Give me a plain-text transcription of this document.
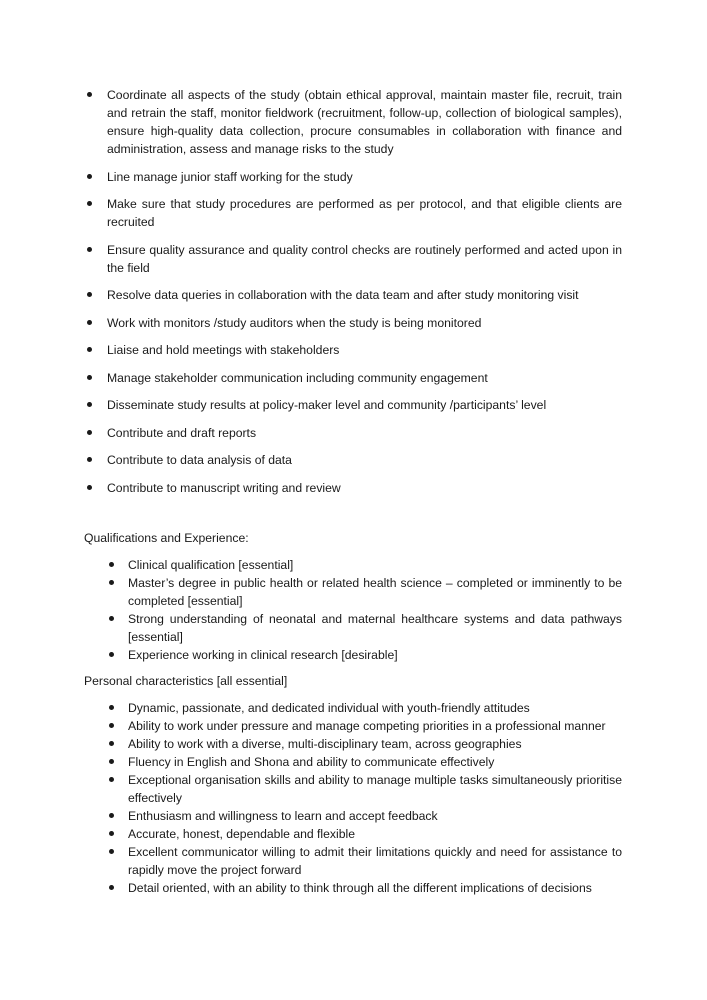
Coordinate all aspects of the study (obtain ethical approval, maintain master file, recruit, train and retrain the staff, monitor fieldwork (recruitment, follow-up, collection of biological samples), ensure high-quality data collection, procure consumables in collaboration with finance and administration, assess and manage risks to the study
Line manage junior staff working for the study
Make sure that study procedures are performed as per protocol, and that eligible clients are recruited
Ensure quality assurance and quality control checks are routinely performed and acted upon in the field
Resolve data queries in collaboration with the data team and after study monitoring visit
Work with monitors /study auditors when the study is being monitored
Liaise and hold meetings with stakeholders
Manage stakeholder communication including community engagement
Disseminate study results at policy-maker level and community /participants’ level
Contribute and draft reports
Contribute to data analysis of data
Contribute to manuscript writing and review
Qualifications and Experience:
Clinical qualification [essential]
Master’s degree in public health or related health science – completed or imminently to be completed [essential]
Strong understanding of neonatal and maternal healthcare systems and data pathways [essential]
Experience working in clinical research [desirable]
Personal characteristics [all essential]
Dynamic, passionate, and dedicated individual with youth-friendly attitudes
Ability to work under pressure and manage competing priorities in a professional manner
Ability to work with a diverse, multi-disciplinary team, across geographies
Fluency in English and Shona and ability to communicate effectively
Exceptional organisation skills and ability to manage multiple tasks simultaneously prioritise effectively
Enthusiasm and willingness to learn and accept feedback
Accurate, honest, dependable and flexible
Excellent communicator willing to admit their limitations quickly and need for assistance to rapidly move the project forward
Detail oriented, with an ability to think through all the different implications of decisions
